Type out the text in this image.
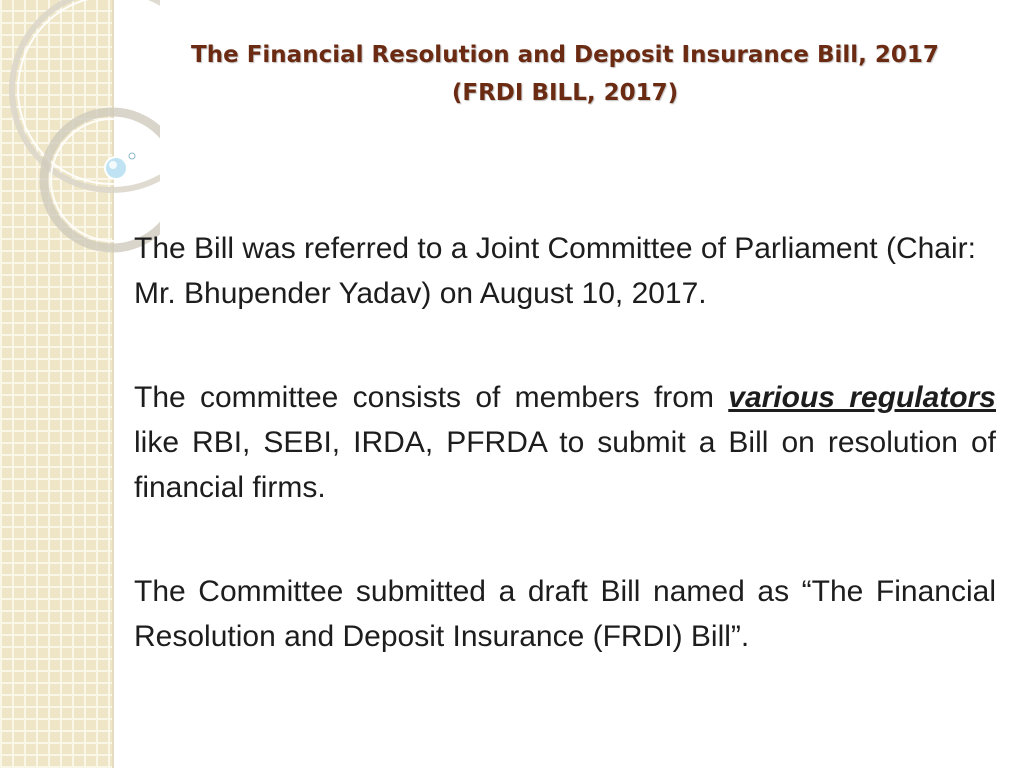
The Financial Resolution and Deposit Insurance Bill, 2017
(FRDI BILL, 2017)

The Bill was referred to a Joint Committee of Parliament (Chair: Mr. Bhupender Yadav) on August 10, 2017.

The committee consists of members from various regulators like RBI, SEBI, IRDA, PFRDA to submit a Bill on resolution of financial firms.

The Committee submitted a draft Bill named as “The Financial Resolution and Deposit Insurance (FRDI) Bill”.
